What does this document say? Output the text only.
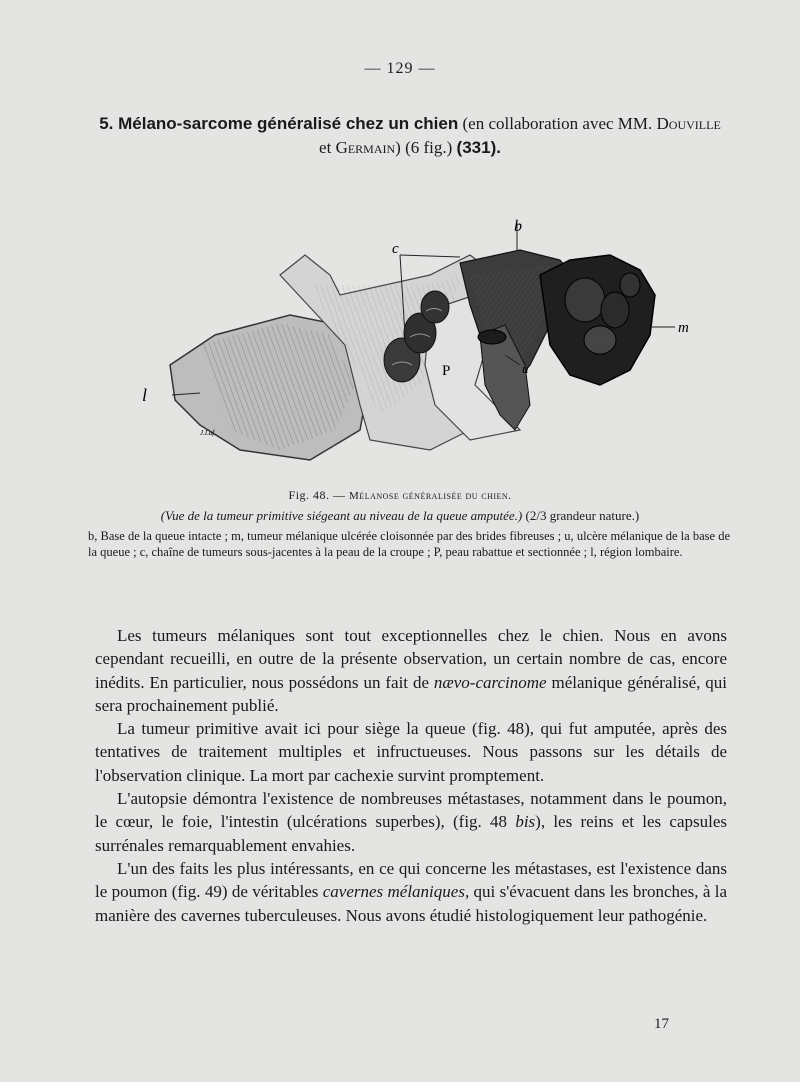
— 129 —
5. Mélano-sarcome généralisé chez un chien (en collaboration avec MM. Douville
et Germain) (6 fig.) (331).
b
c
m
P	u
l
J.Laf.
Fig. 48. — Mélanose généralisée du chien.
(Vue de la tumeur primitive siégeant au niveau de la queue amputée.) (2/3 grandeur nature.)
b, Base de la queue intacte ; m, tumeur mélanique ulcérée cloisonnée par des brides fibreuses ; u, ulcère mélanique de la base de la queue ; c, chaîne de tumeurs sous-jacentes à la peau de la croupe ; P, peau rabattue et sectionnée ; l, région lombaire.

Les tumeurs mélaniques sont tout exceptionnelles chez le chien. Nous en avons cependant recueilli, en outre de la présente observation, un certain nombre de cas, encore inédits. En particulier, nous possédons un fait de nævo-carcinome mélanique généralisé, qui sera prochainement publié.

La tumeur primitive avait ici pour siège la queue (fig. 48), qui fut amputée, après des tentatives de traitement multiples et infructueuses. Nous passons sur les détails de l'observation clinique. La mort par cachexie survint promptement.

L'autopsie démontra l'existence de nombreuses métastases, notamment dans le poumon, le cœur, le foie, l'intestin (ulcérations superbes), (fig. 48 bis), les reins et les capsules surrénales remarquablement envahies.

L'un des faits les plus intéressants, en ce qui concerne les métastases, est l'existence dans le poumon (fig. 49) de véritables cavernes mélaniques, qui s'évacuent dans les bronches, à la manière des cavernes tuberculeuses. Nous avons étudié histologiquement leur pathogénie.

17
